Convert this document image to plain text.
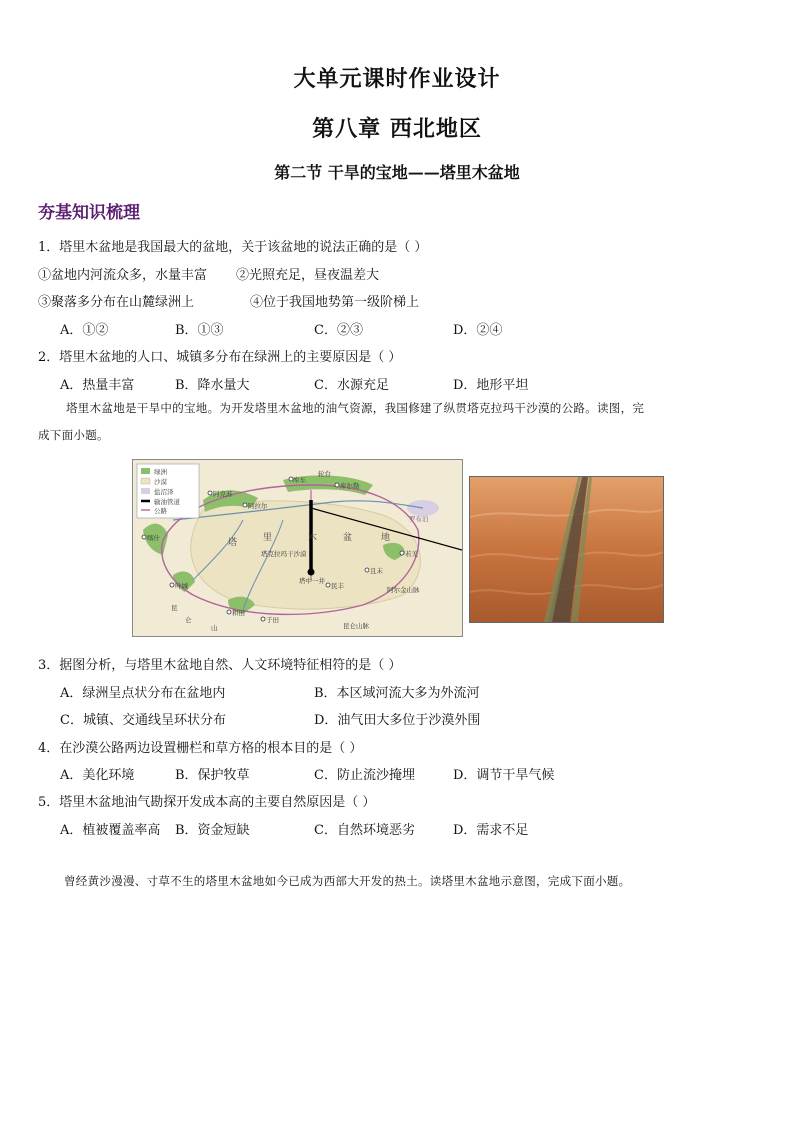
大单元课时作业设计
第八章 西北地区
第二节 干旱的宝地——塔里木盆地
夯基知识梳理
1．塔里木盆地是我国最大的盆地，关于该盆地的说法正确的是（ ）
①盆地内河流众多，水量丰富 ②光照充足，昼夜温差大
③聚落多分布在山麓绿洲上	④位于我国地势第一级阶梯上
A．①②	B．①③	C．②③	D．②④
2．塔里木盆地的人口、城镇多分布在绿洲上的主要原因是（ ）
A．热量丰富	B．降水量大	C．水源充足	D．地形平坦
塔里木盆地是干旱中的宝地。为开发塔里木盆地的油气资源，我国修建了纵贯塔克拉玛干沙漠的公路。读图，完
成下面小题。
绿洲
沙漠
盐沼泽
输油管道
公路
塔	里	木	盆	地
塔克拉玛干沙漠
阿克苏
阿拉尔
库车
轮台
库尔勒
喀什
叶城
和田
于田
民丰
且末
若羌
塔中一井
罗布泊
阿尔金山脉
昆仑山脉
昆
仑
山
3．据图分析，与塔里木盆地自然、人文环境特征相符的是（ ）
A．绿洲呈点状分布在盆地内	B．本区域河流大多为外流河
C．城镇、交通线呈环状分布	D．油气田大多位于沙漠外围
4．在沙漠公路两边设置栅栏和草方格的根本目的是（ ）
A．美化环境	B．保护牧草	C．防止流沙掩埋	D．调节干旱气候
5．塔里木盆地油气勘探开发成本高的主要自然原因是（ ）
A．植被覆盖率高 B．资金短缺	C．自然环境恶劣	D．需求不足
曾经黄沙漫漫、寸草不生的塔里木盆地如今已成为西部大开发的热土。读塔里木盆地示意图，完成下面小题。
